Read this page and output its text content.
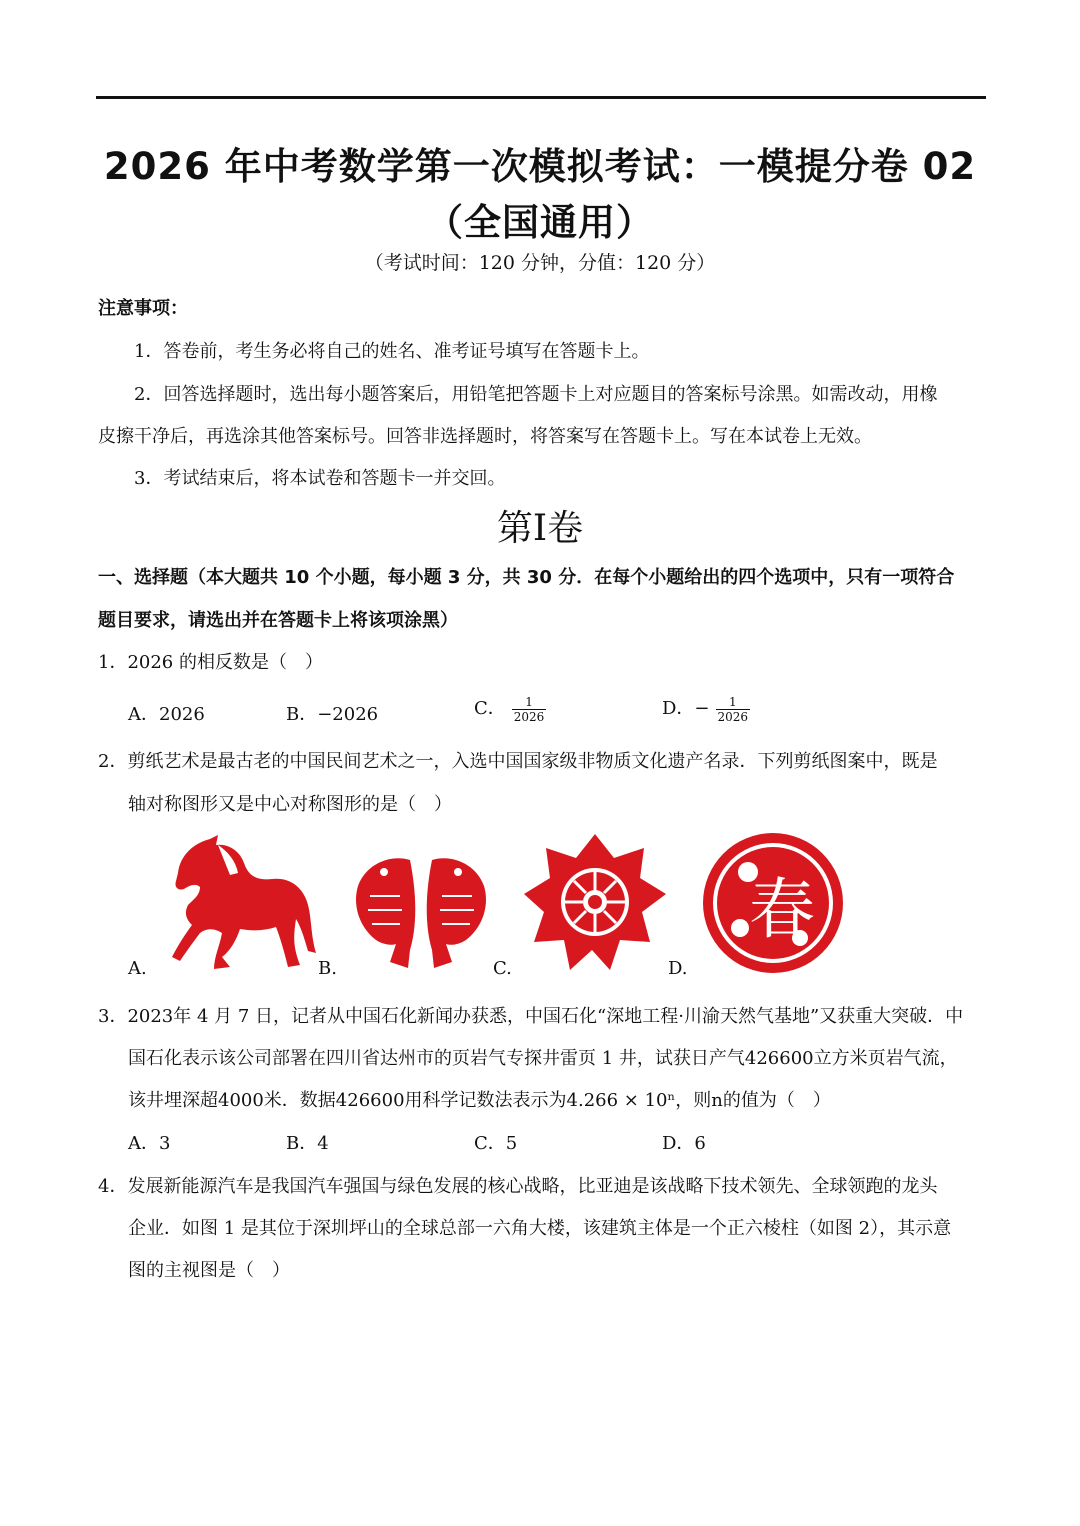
2026 年中考数学第一次模拟考试：一模提分卷 02
（全国通用）
（考试时间：120 分钟，分值：120 分）
注意事项：
1．答卷前，考生务必将自己的姓名、准考证号填写在答题卡上。
2．回答选择题时，选出每小题答案后，用铅笔把答题卡上对应题目的答案标号涂黑。如需改动，用橡
皮擦干净后，再选涂其他答案标号。回答非选择题时，将答案写在答题卡上。写在本试卷上无效。
3．考试结束后，将本试卷和答题卡一并交回。
第Ⅰ卷
一、选择题（本大题共 10 个小题，每小题 3 分，共 30 分．在每个小题给出的四个选项中，只有一项符合
题目要求，请选出并在答题卡上将该项涂黑）
1．2026 的相反数是（　）
A．2026	B．−2026	C． $\frac{1}{2026}$	D．− $\frac{1}{2026}$
2．剪纸艺术是最古老的中国民间艺术之一，入选中国国家级非物质文化遗产名录．下列剪纸图案中，既是
轴对称图形又是中心对称图形的是（　）
A.	B.	C.
春
D.
3．2023年 4 月 7 日，记者从中国石化新闻办获悉，中国石化“深地工程·川渝天然气基地”又获重大突破．中
国石化表示该公司部署在四川省达州市的页岩气专探井雷页 1 井，试获日产气426600立方米页岩气流，
该井埋深超4000米．数据426600用科学记数法表示为4.266 × 10ⁿ，则n的值为（　）
A．3	B．4	C．5	D．6
4．发展新能源汽车是我国汽车强国与绿色发展的核心战略，比亚迪是该战略下技术领先、全球领跑的龙头
企业．如图 1 是其位于深圳坪山的全球总部一六角大楼，该建筑主体是一个正六棱柱（如图 2），其示意
图的主视图是（　）
